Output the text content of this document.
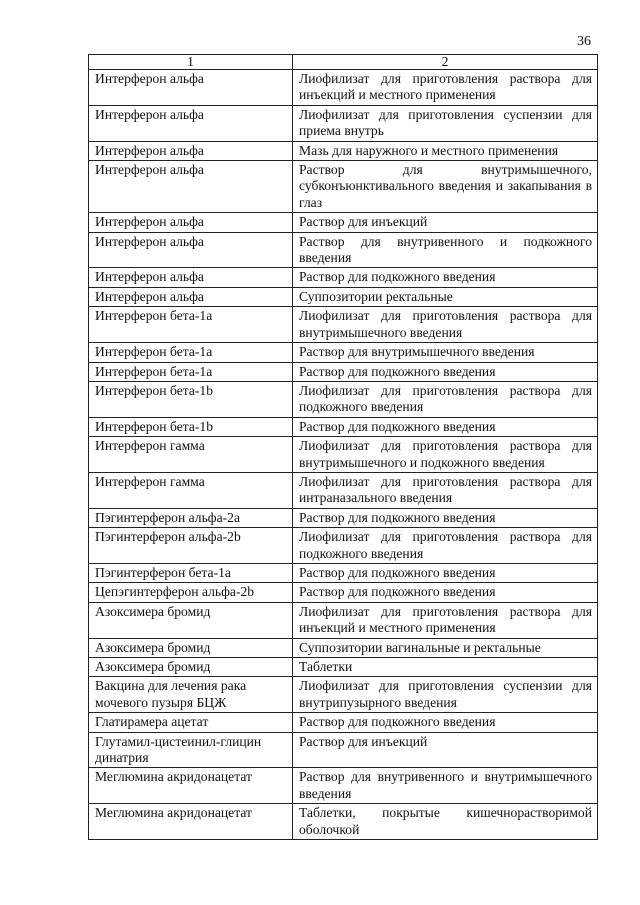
36
1	2
Интерферон альфа	Лиофилизат для приготовления раствора для инъекций и местного применения
Интерферон альфа	Лиофилизат для приготовления суспензии для приема внутрь
Интерферон альфа	Мазь для наружного и местного применения
Интерферон альфа	Раствор для внутримышечного, субконъюнктивального введения и закапывания в глаз
Интерферон альфа	Раствор для инъекций
Интерферон альфа	Раствор для внутривенного и подкожного введения
Интерферон альфа	Раствор для подкожного введения
Интерферон альфа	Суппозитории ректальные
Интерферон бета-1а	Лиофилизат для приготовления раствора для внутримышечного введения
Интерферон бета-1а	Раствор для внутримышечного введения
Интерферон бета-1а	Раствор для подкожного введения
Интерферон бета-1b	Лиофилизат для приготовления раствора для подкожного введения
Интерферон бета-1b	Раствор для подкожного введения
Интерферон гамма	Лиофилизат для приготовления раствора для внутримышечного и подкожного введения
Интерферон гамма	Лиофилизат для приготовления раствора для интраназального введения
Пэгинтерферон альфа-2а	Раствор для подкожного введения
Пэгинтерферон альфа-2b	Лиофилизат для приготовления раствора для подкожного введения
Пэгинтерферон бета-1а	Раствор для подкожного введения
Цепэгинтерферон альфа-2b	Раствор для подкожного введения
Азоксимера бромид	Лиофилизат для приготовления раствора для инъекций и местного применения
Азоксимера бромид	Суппозитории вагинальные и ректальные
Азоксимера бромид	Таблетки
Вакцина для лечения рака мочевого пузыря БЦЖ	Лиофилизат для приготовления суспензии для внутрипузырного введения
Глатирамера ацетат	Раствор для подкожного введения
Глутамил-цистеинил-глицин динатрия	Раствор для инъекций
Меглюмина акридонацетат	Раствор для внутривенного и внутримышечного введения
Меглюмина акридонацетат	Таблетки, покрытые кишечнорастворимой оболочкой
